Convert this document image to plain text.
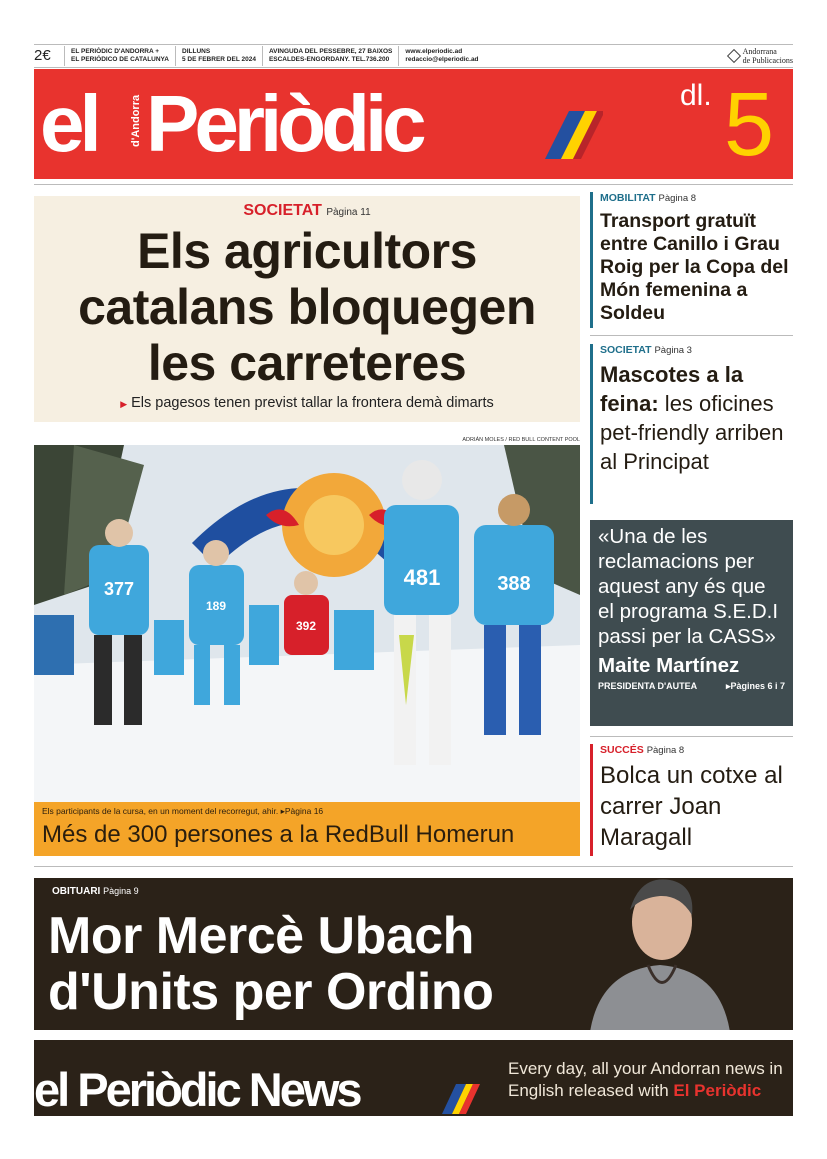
2€	EL PERIÒDIC D'ANDORRA +
EL PERIÓDICO DE CATALUNYA
DILLUNS
5 DE FEBRER DEL 2024
AVINGUDA DEL PESSEBRE, 27 BAIXOS
ESCALDES-ENGORDANY. TEL.736.200
www.elperiodic.ad
redaccio@elperiodic.ad
Andorrana
de Publicacions
el	d'Andorra Periòdic	dl. 5
SOCIETAT Pàgina 11
Els agricultors
catalans bloquegen
les carreteres
▶ Els pagesos tenen previst tallar la frontera demà dimarts
ADRIÁN MOLES / RED BULL CONTENT POOL
377
189
392
481	388
Els participants de la cursa, en un moment del recorregut, ahir. ▸Pàgina 16
Més de 300 persones a la RedBull Homerun
MOBILITAT Pàgina 8
Transport gratuït entre Canillo i Grau Roig per la Copa del Món femenina a Soldeu
SOCIETAT Pàgina 3
Mascotes a la feina: les oficines pet-friendly arriben al Principat
«Una de les reclamacions per aquest any és que el programa S.E.D.I passi per la CASS»
Maite Martínez
PRESIDENTA D'AUTEA	▸Pàgines 6 i 7
SUCCÉS Pàgina 8
Bolca un cotxe al carrer Joan Maragall
OBITUARI Pàgina 9
Mor Mercè Ubach
d'Units per Ordino
el Periòdic News	Every day, all your Andorran news in English released with El Periòdic
